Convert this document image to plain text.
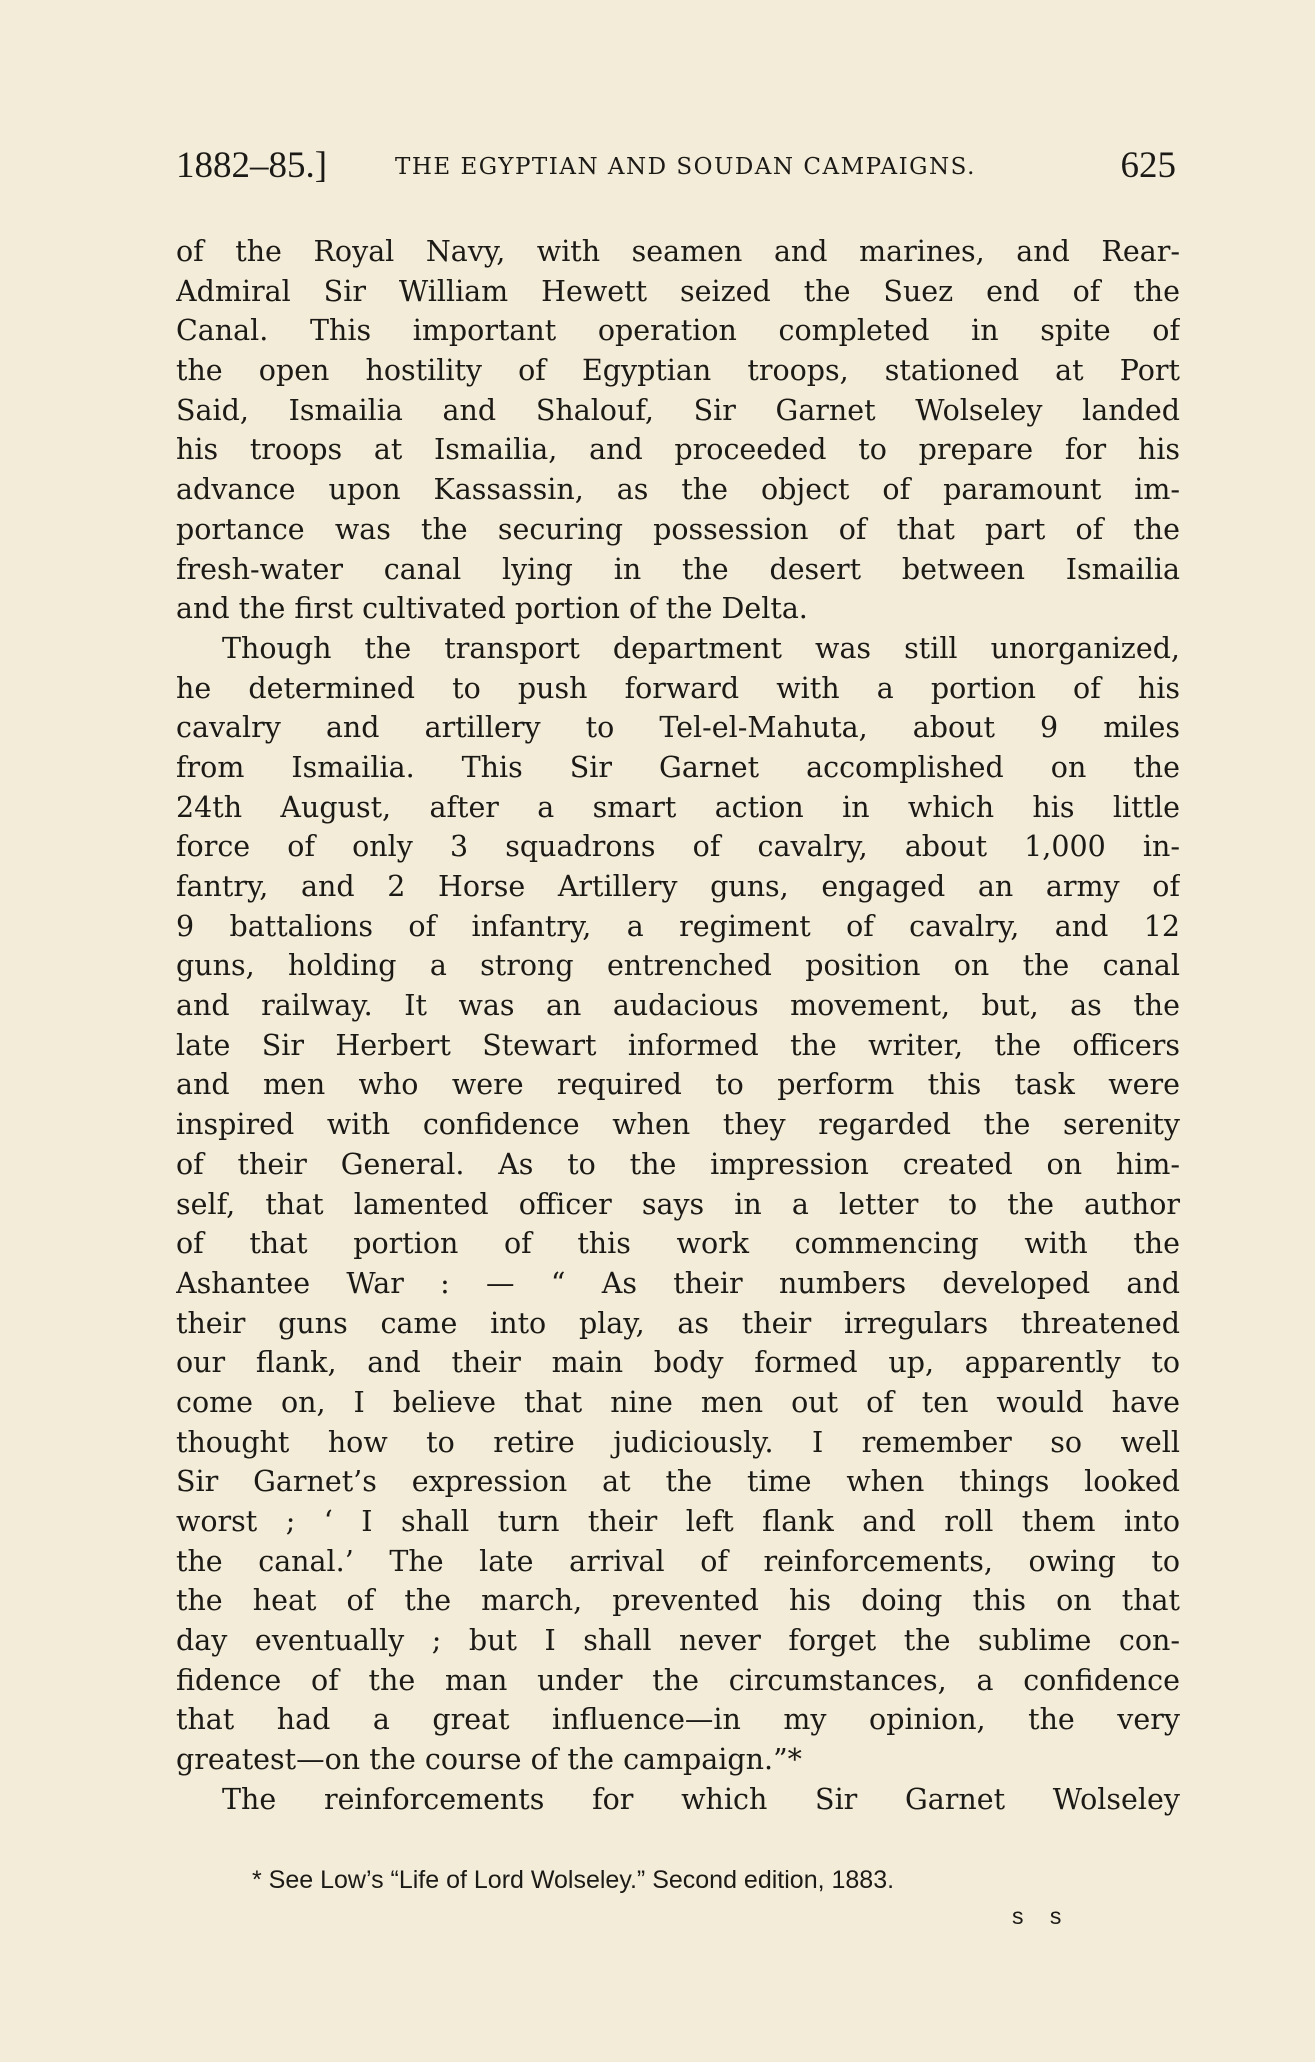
1882–85.]	THE EGYPTIAN AND SOUDAN CAMPAIGNS.	625
of the Royal Navy, with seamen and marines, and Rear-
Admiral Sir William Hewett seized the Suez end of the
Canal. This important operation completed in spite of
the open hostility of Egyptian troops, stationed at Port
Said, Ismailia and Shalouf, Sir Garnet Wolseley landed
his troops at Ismailia, and proceeded to prepare for his
advance upon Kassassin, as the object of paramount im-
portance was the securing possession of that part of the
fresh-water canal lying in the desert between Ismailia
and the first cultivated portion of the Delta.
Though the transport department was still unorganized,
he determined to push forward with a portion of his
cavalry and artillery to Tel-el-Mahuta, about 9 miles
from Ismailia. This Sir Garnet accomplished on the
24th August, after a smart action in which his little
force of only 3 squadrons of cavalry, about 1,000 in-
fantry, and 2 Horse Artillery guns, engaged an army of
9 battalions of infantry, a regiment of cavalry, and 12
guns, holding a strong entrenched position on the canal
and railway. It was an audacious movement, but, as the
late Sir Herbert Stewart informed the writer, the officers
and men who were required to perform this task were
inspired with confidence when they regarded the serenity
of their General. As to the impression created on him-
self, that lamented officer says in a letter to the author
of that portion of this work commencing with the
Ashantee War : — “ As their numbers developed and
their guns came into play, as their irregulars threatened
our flank, and their main body formed up, apparently to
come on, I believe that nine men out of ten would have
thought how to retire judiciously. I remember so well
Sir Garnet’s expression at the time when things looked
worst ; ‘ I shall turn their left flank and roll them into
the canal.’ The late arrival of reinforcements, owing to
the heat of the march, prevented his doing this on that
day eventually ; but I shall never forget the sublime con-
fidence of the man under the circumstances, a confidence
that had a great influence—in my opinion, the very
greatest—on the course of the campaign.”*
The reinforcements for which Sir Garnet Wolseley
* See Low’s “Life of Lord Wolseley.” Second edition, 1883.
s s
